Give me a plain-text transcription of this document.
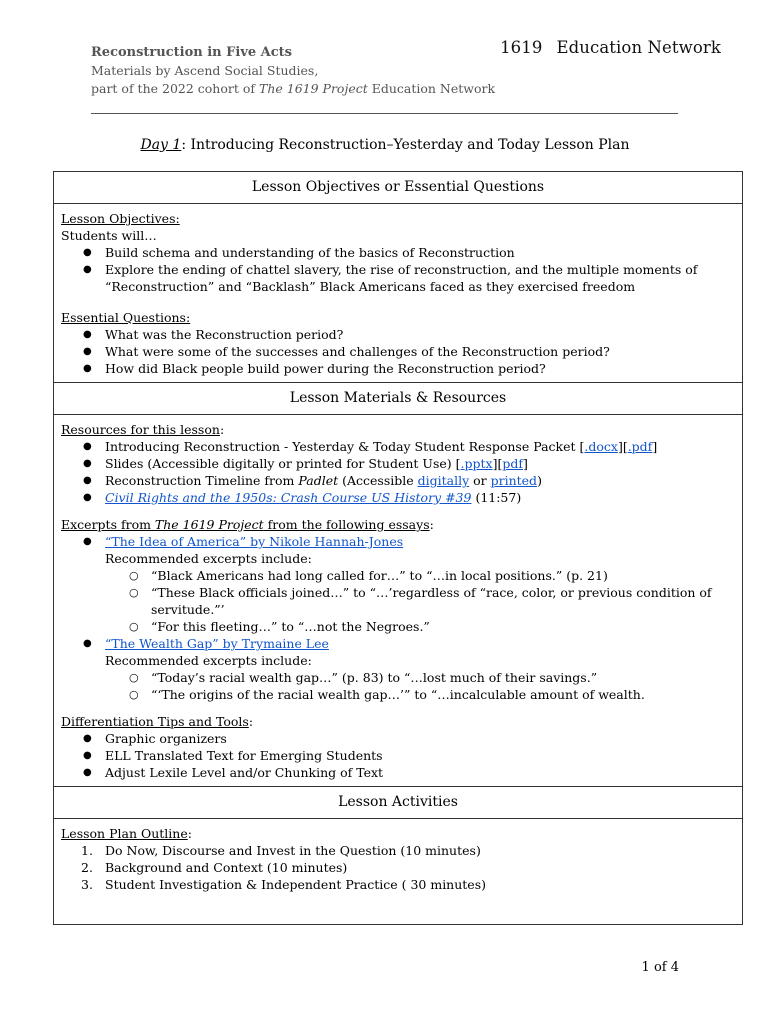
Reconstruction in Five Acts
Materials by Ascend Social Studies,
part of the 2022 cohort of The 1619 Project Education Network
1619 Education Network
Day 1: Introducing Reconstruction–Yesterday and Today Lesson Plan
Lesson Objectives or Essential Questions
Lesson Objectives:
Students will…
● Build schema and understanding of the basics of Reconstruction
● Explore the ending of chattel slavery, the rise of reconstruction, and the multiple moments of “Reconstruction” and “Backlash” Black Americans faced as they exercised freedom
Essential Questions:
● What was the Reconstruction period?
● What were some of the successes and challenges of the Reconstruction period?
● How did Black people build power during the Reconstruction period?
Lesson Materials & Resources
Resources for this lesson:
● Introducing Reconstruction - Yesterday & Today Student Response Packet [.docx][.pdf]
● Slides (Accessible digitally or printed for Student Use) [.pptx][pdf]
● Reconstruction Timeline from Padlet (Accessible digitally or printed)
● Civil Rights and the 1950s: Crash Course US History #39 (11:57)
Excerpts from The 1619 Project from the following essays:
● “The Idea of America” by Nikole Hannah-Jones
Recommended excerpts include:
○ “Black Americans had long called for…” to “…in local positions.” (p. 21)
○ “These Black officials joined…” to “…’regardless of “race, color, or previous condition of servitude.”’
○ “For this fleeting…” to “…not the Negroes.”
● “The Wealth Gap” by Trymaine Lee
Recommended excerpts include:
○ “Today’s racial wealth gap…” (p. 83) to “…lost much of their savings.”
○ “‘The origins of the racial wealth gap…’” to “…incalculable amount of wealth.
Differentiation Tips and Tools:
● Graphic organizers
● ELL Translated Text for Emerging Students
● Adjust Lexile Level and/or Chunking of Text
Lesson Activities
Lesson Plan Outline:
1. Do Now, Discourse and Invest in the Question (10 minutes)
2. Background and Context (10 minutes)
3. Student Investigation & Independent Practice ( 30 minutes)
1 of 4
